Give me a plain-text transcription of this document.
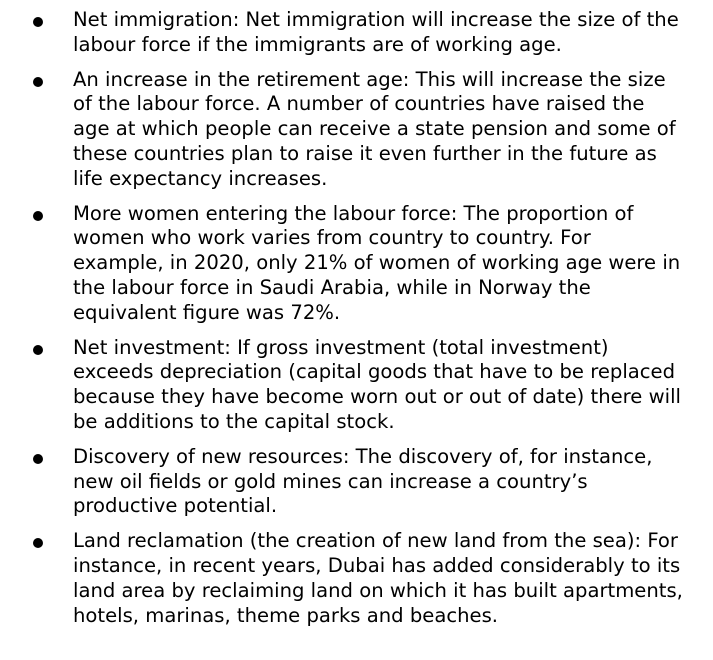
Net immigration: Net immigration will increase the size of the labour force if the immigrants are of working age.
An increase in the retirement age: This will increase the size of the labour force. A number of countries have raised the age at which people can receive a state pension and some of these countries plan to raise it even further in the future as life expectancy increases.
More women entering the labour force: The proportion of women who work varies from country to country. For example, in 2020, only 21% of women of working age were in the labour force in Saudi Arabia, while in Norway the equivalent figure was 72%.
Net investment: If gross investment (total investment) exceeds depreciation (capital goods that have to be replaced because they have become worn out or out of date) there will be additions to the capital stock.
Discovery of new resources: The discovery of, for instance, new oil fields or gold mines can increase a country’s productive potential.
Land reclamation (the creation of new land from the sea): For instance, in recent years, Dubai has added considerably to its land area by reclaiming land on which it has built apartments, hotels, marinas, theme parks and beaches.
